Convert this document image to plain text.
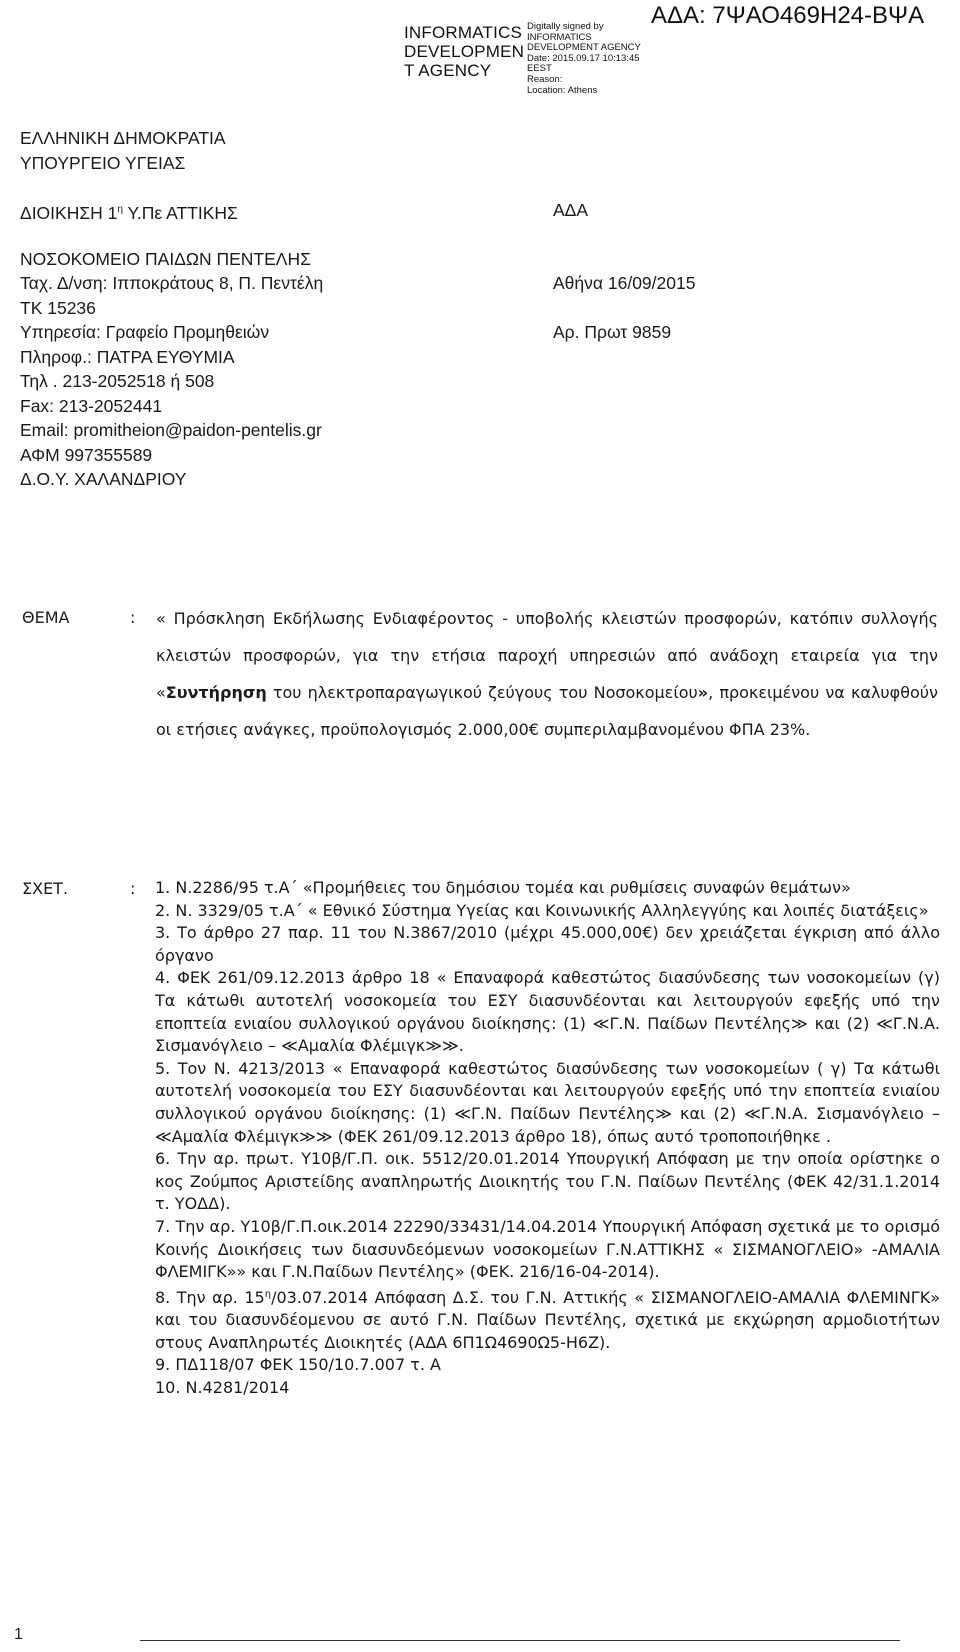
INFORMATICS
DEVELOPMEN
T AGENCY
Digitally signed by
INFORMATICS
DEVELOPMENT AGENCY
Date: 2015.09.17 10:13:45
EEST
Reason:
Location: Athens
ΑΔΑ: 7ΨΑΟ469Η24-ΒΨΑ
ΕΛΛΗΝΙΚΗ ΔΗΜΟΚΡΑΤΙΑ
ΥΠΟΥΡΓΕΙΟ ΥΓΕΙΑΣ
ΔΙΟΙΚΗΣΗ $1^\eta$ Υ.Πε ΑΤΤΙΚΗΣ	ΑΔΑ
ΝΟΣΟΚΟΜΕΙΟ ΠΑΙΔΩΝ ΠΕΝΤΕΛΗΣ
Ταχ. Δ/νση: Ιπποκράτους 8, Π. Πεντέλη	Αθήνα 16/09/2015
ΤΚ 15236
Υπηρεσία: Γραφείο Προμηθειών	Αρ. Πρωτ 9859
Πληροφ.: ΠΑΤΡΑ ΕΥΘΥΜΙΑ
Τηλ . 213-2052518 ή 508
Fax: 213-2052441
Email: promitheion@paidon-pentelis.gr
ΑΦΜ 997355589
Δ.Ο.Υ. ΧΑΛΑΝΔΡΙΟΥ
ΘΕΜΑ	: « Πρόσκληση Εκδήλωσης Ενδιαφέροντος - υποβολής κλειστών προσφορών, κατόπιν συλλογής κλειστών προσφορών, για την ετήσια παροχή υπηρεσιών από ανάδοχη εταιρεία για την «Συντήρηση του ηλεκτροπαραγωγικού ζεύγους του Νοσοκομείου», προκειμένου να καλυφθούν οι ετήσιες ανάγκες, προϋπολογισμός 2.000,00€ συμπεριλαμβανομένου ΦΠΑ 23%.

ΣΧΕΤ.	: 1. Ν.2286/95 τ.Α΄ «Προμήθειες του δημόσιου τομέα και ρυθμίσεις συναφών θεμάτων»

2. Ν. 3329/05 τ.Α΄ « Εθνικό Σύστημα Υγείας και Κοινωνικής Αλληλεγγύης και λοιπές διατάξεις»

3. Το άρθρο 27 παρ. 11 του Ν.3867/2010 (μέχρι 45.000,00€) δεν χρειάζεται έγκριση από άλλο όργανο

4. ΦΕΚ 261/09.12.2013 άρθρο 18 « Επαναφορά καθεστώτος διασύνδεσης των νοσοκομείων (γ) Τα κάτωθι αυτοτελή νοσοκομεία του ΕΣΥ διασυνδέονται και λειτουργούν εφεξής υπό την εποπτεία ενιαίου συλλογικού οργάνου διοίκησης: (1) ≪Γ.Ν. Παίδων Πεντέλης≫ και (2) ≪Γ.Ν.Α. Σισμανόγλειο – ≪Αμαλία Φλέμιγκ≫≫.

5. Τον Ν. 4213/2013 « Επαναφορά καθεστώτος διασύνδεσης των νοσοκομείων ( γ) Τα κάτωθι αυτοτελή νοσοκομεία του ΕΣΥ διασυνδέονται και λειτουργούν εφεξής υπό την εποπτεία ενιαίου συλλογικού οργάνου διοίκησης: (1) ≪Γ.Ν. Παίδων Πεντέλης≫ και (2) ≪Γ.Ν.Α. Σισμανόγλειο – ≪Αμαλία Φλέμιγκ≫≫ (ΦΕΚ 261/09.12.2013 άρθρο 18), όπως αυτό τροποποιήθηκε .

6. Την αρ. πρωτ. Υ10β/Γ.Π. οικ. 5512/20.01.2014 Υπουργική Απόφαση με την οποία ορίστηκε ο κος Ζούμπος Αριστείδης αναπληρωτής Διοικητής του Γ.Ν. Παίδων Πεντέλης (ΦΕΚ 42/31.1.2014 τ. ΥΟΔΔ).

7. Την αρ. Υ10β/Γ.Π.οικ.2014 22290/33431/14.04.2014 Υπουργική Απόφαση σχετικά με το ορισμό Κοινής Διοικήσεις των διασυνδεόμενων νοσοκομείων Γ.Ν.ΑΤΤΙΚΗΣ « ΣΙΣΜΑΝΟΓΛΕΙΟ» -ΑΜΑΛΙΑ ΦΛΕΜΙΓΚ»» και Γ.Ν.Παίδων Πεντέλης» (ΦΕΚ. 216/16-04-2014).

8. Την αρ. $15^\eta/03.07.2014$ Απόφαση Δ.Σ. του Γ.Ν. Αττικής « ΣΙΣΜΑΝΟΓΛΕΙΟ-ΑΜΑΛΙΑ ΦΛΕΜΙΝΓΚ» και του διασυνδέομενου σε αυτό Γ.Ν. Παίδων Πεντέλης, σχετικά με εκχώρηση αρμοδιοτήτων στους Αναπληρωτές Διοικητές (ΑΔΑ 6Π1Ω4690Ω5-Η6Ζ).

9. ΠΔ118/07 ΦΕΚ 150/10.7.007 τ. Α

10. Ν.4281/2014

1
